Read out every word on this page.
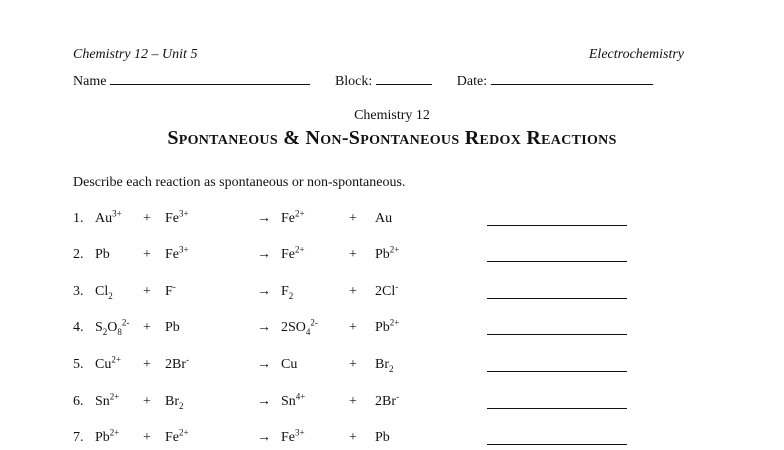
Chemistry 12 – Unit 5	Electrochemistry
Name	Block:	Date:
Chemistry 12
Spontaneous & Non-Spontaneous Redox Reactions
Describe each reaction as spontaneous or non-spontaneous.
1. $Au^{3+} + Fe^{3+}$	→ $Fe^{2+}$	+ Au
2. $Pb + Fe^{3+}$	→ $Fe^{2+}$	+ $Pb^{2+}$
3. $Cl_2 + F^-$	→ $F_2$	+ 2Cl-
4. $S_2O_8^{2-} + Pb$	→ $2SO_4^{2-} + Pb^{2+}$
5. $Cu^{2+} + 2Br^-$	→ Cu	+ $Br_2$
6. $Sn^{2+} + Br_2$	→ $Sn^{4+}$	+ 2Br-
7. $Pb^{2+} + Fe^{2+}$	→ $Fe^{3+}$	+ Pb
